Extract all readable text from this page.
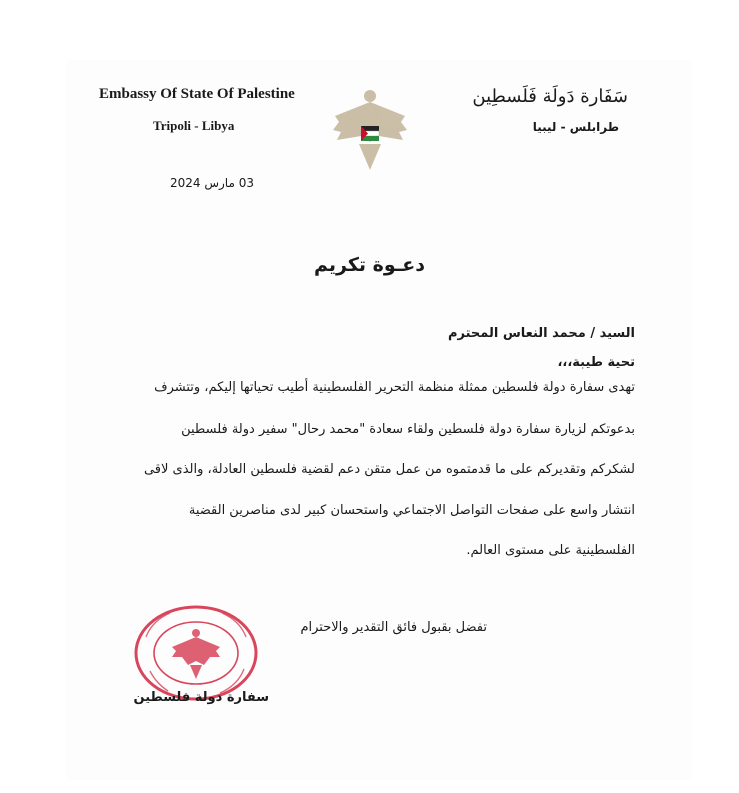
Embassy Of State Of Palestine
Tripoli - Libya
سَفَارة دَولَة فَلَسطِين
طرابلس - ليبيا
03 مارس 2024
دعـوة تكريم
السيد / محمد النعاس المحترم
تحية طيبة،،،
تهدى سفارة دولة فلسطين ممثلة منظمة التحرير الفلسطينية أطيب تحياتها إليكم، وتتشرف
بدعوتكم لزيارة سفارة دولة فلسطين ولقاء سعادة "محمد رحال" سفير دولة فلسطين
لشكركم وتقديركم على ما قدمتموه من عمل متقن دعم لقضية فلسطين العادلة، والذى لاقى
انتشار واسع على صفحات التواصل الاجتماعي واستحسان كبير لدى مناصرين القضية
الفلسطينية على مستوى العالم.
تفضل بقبول فائق التقدير والاحترام
سفارة دولة فلسطين
